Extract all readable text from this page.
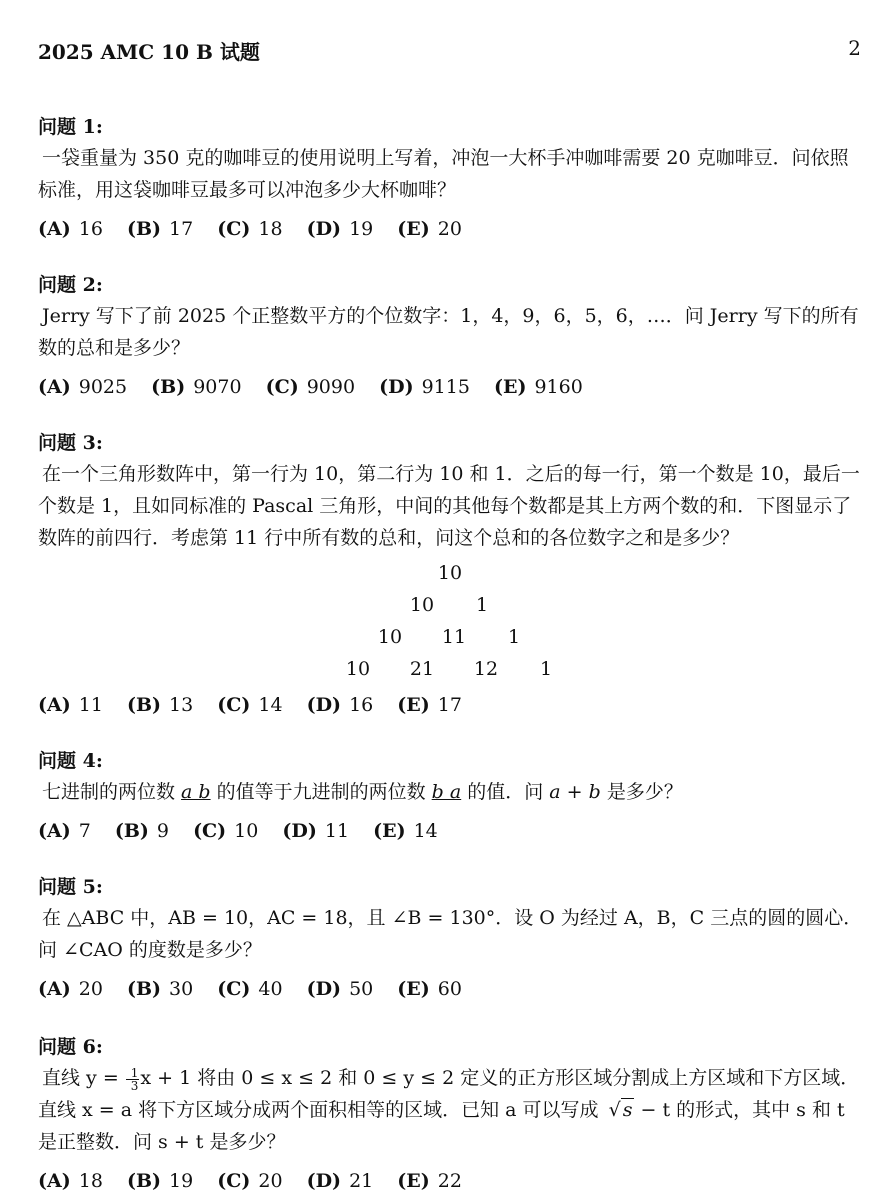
2025 AMC 10 B 试题	2
问题 1:

一袋重量为 350 克的咖啡豆的使用说明上写着，冲泡一大杯手冲咖啡需要 20 克咖啡豆．问依照标准，用这袋咖啡豆最多可以冲泡多少大杯咖啡？

(A) 16 (B) 17 (C) 18 (D) 19 (E) 20
问题 2:

Jerry 写下了前 2025 个正整数平方的个位数字：1，4，9，6，5，6，…．问 Jerry 写下的所有数的总和是多少？

(A) 9025 (B) 9070 (C) 9090 (D) 9115 (E) 9160
问题 3:

在一个三角形数阵中，第一行为 10，第二行为 10 和 1．之后的每一行，第一个数是 10，最后一个数是 1，且如同标准的 Pascal 三角形，中间的其他每个数都是其上方两个数的和．下图显示了数阵的前四行．考虑第 11 行中所有数的总和，问这个总和的各位数字之和是多少？

10
10 1
10 11 1
10 21 12 1
(A) 11 (B) 13 (C) 14 (D) 16 (E) 17
问题 4:

七进制的两位数 a b 的值等于九进制的两位数 b a 的值．问 a + b 是多少？

(A) 7 (B) 9 (C) 10 (D) 11 (E) 14
问题 5:

在 △ABC 中，AB = 10，AC = 18，且 ∠B = 130°．设 O 为经过 A，B，C 三点的圆的圆心．问 ∠CAO 的度数是多少？

(A) 20 (B) 30 (C) 40 (D) 50 (E) 60
问题 6:

直线 $y = \frac{1}{3}$ x + 1 将由 0 ≤ x ≤ 2 和 0 ≤ y ≤ 2 定义的正方形区域分割成上方区域和下方区域．直线 x = a 将下方区域分成两个面积相等的区域．已知 a 可以写成 √ s − t 的形式，其中 s 和 t 是正整数．问 s + t 是多少？

(A) 18 (B) 19 (C) 20 (D) 21 (E) 22
